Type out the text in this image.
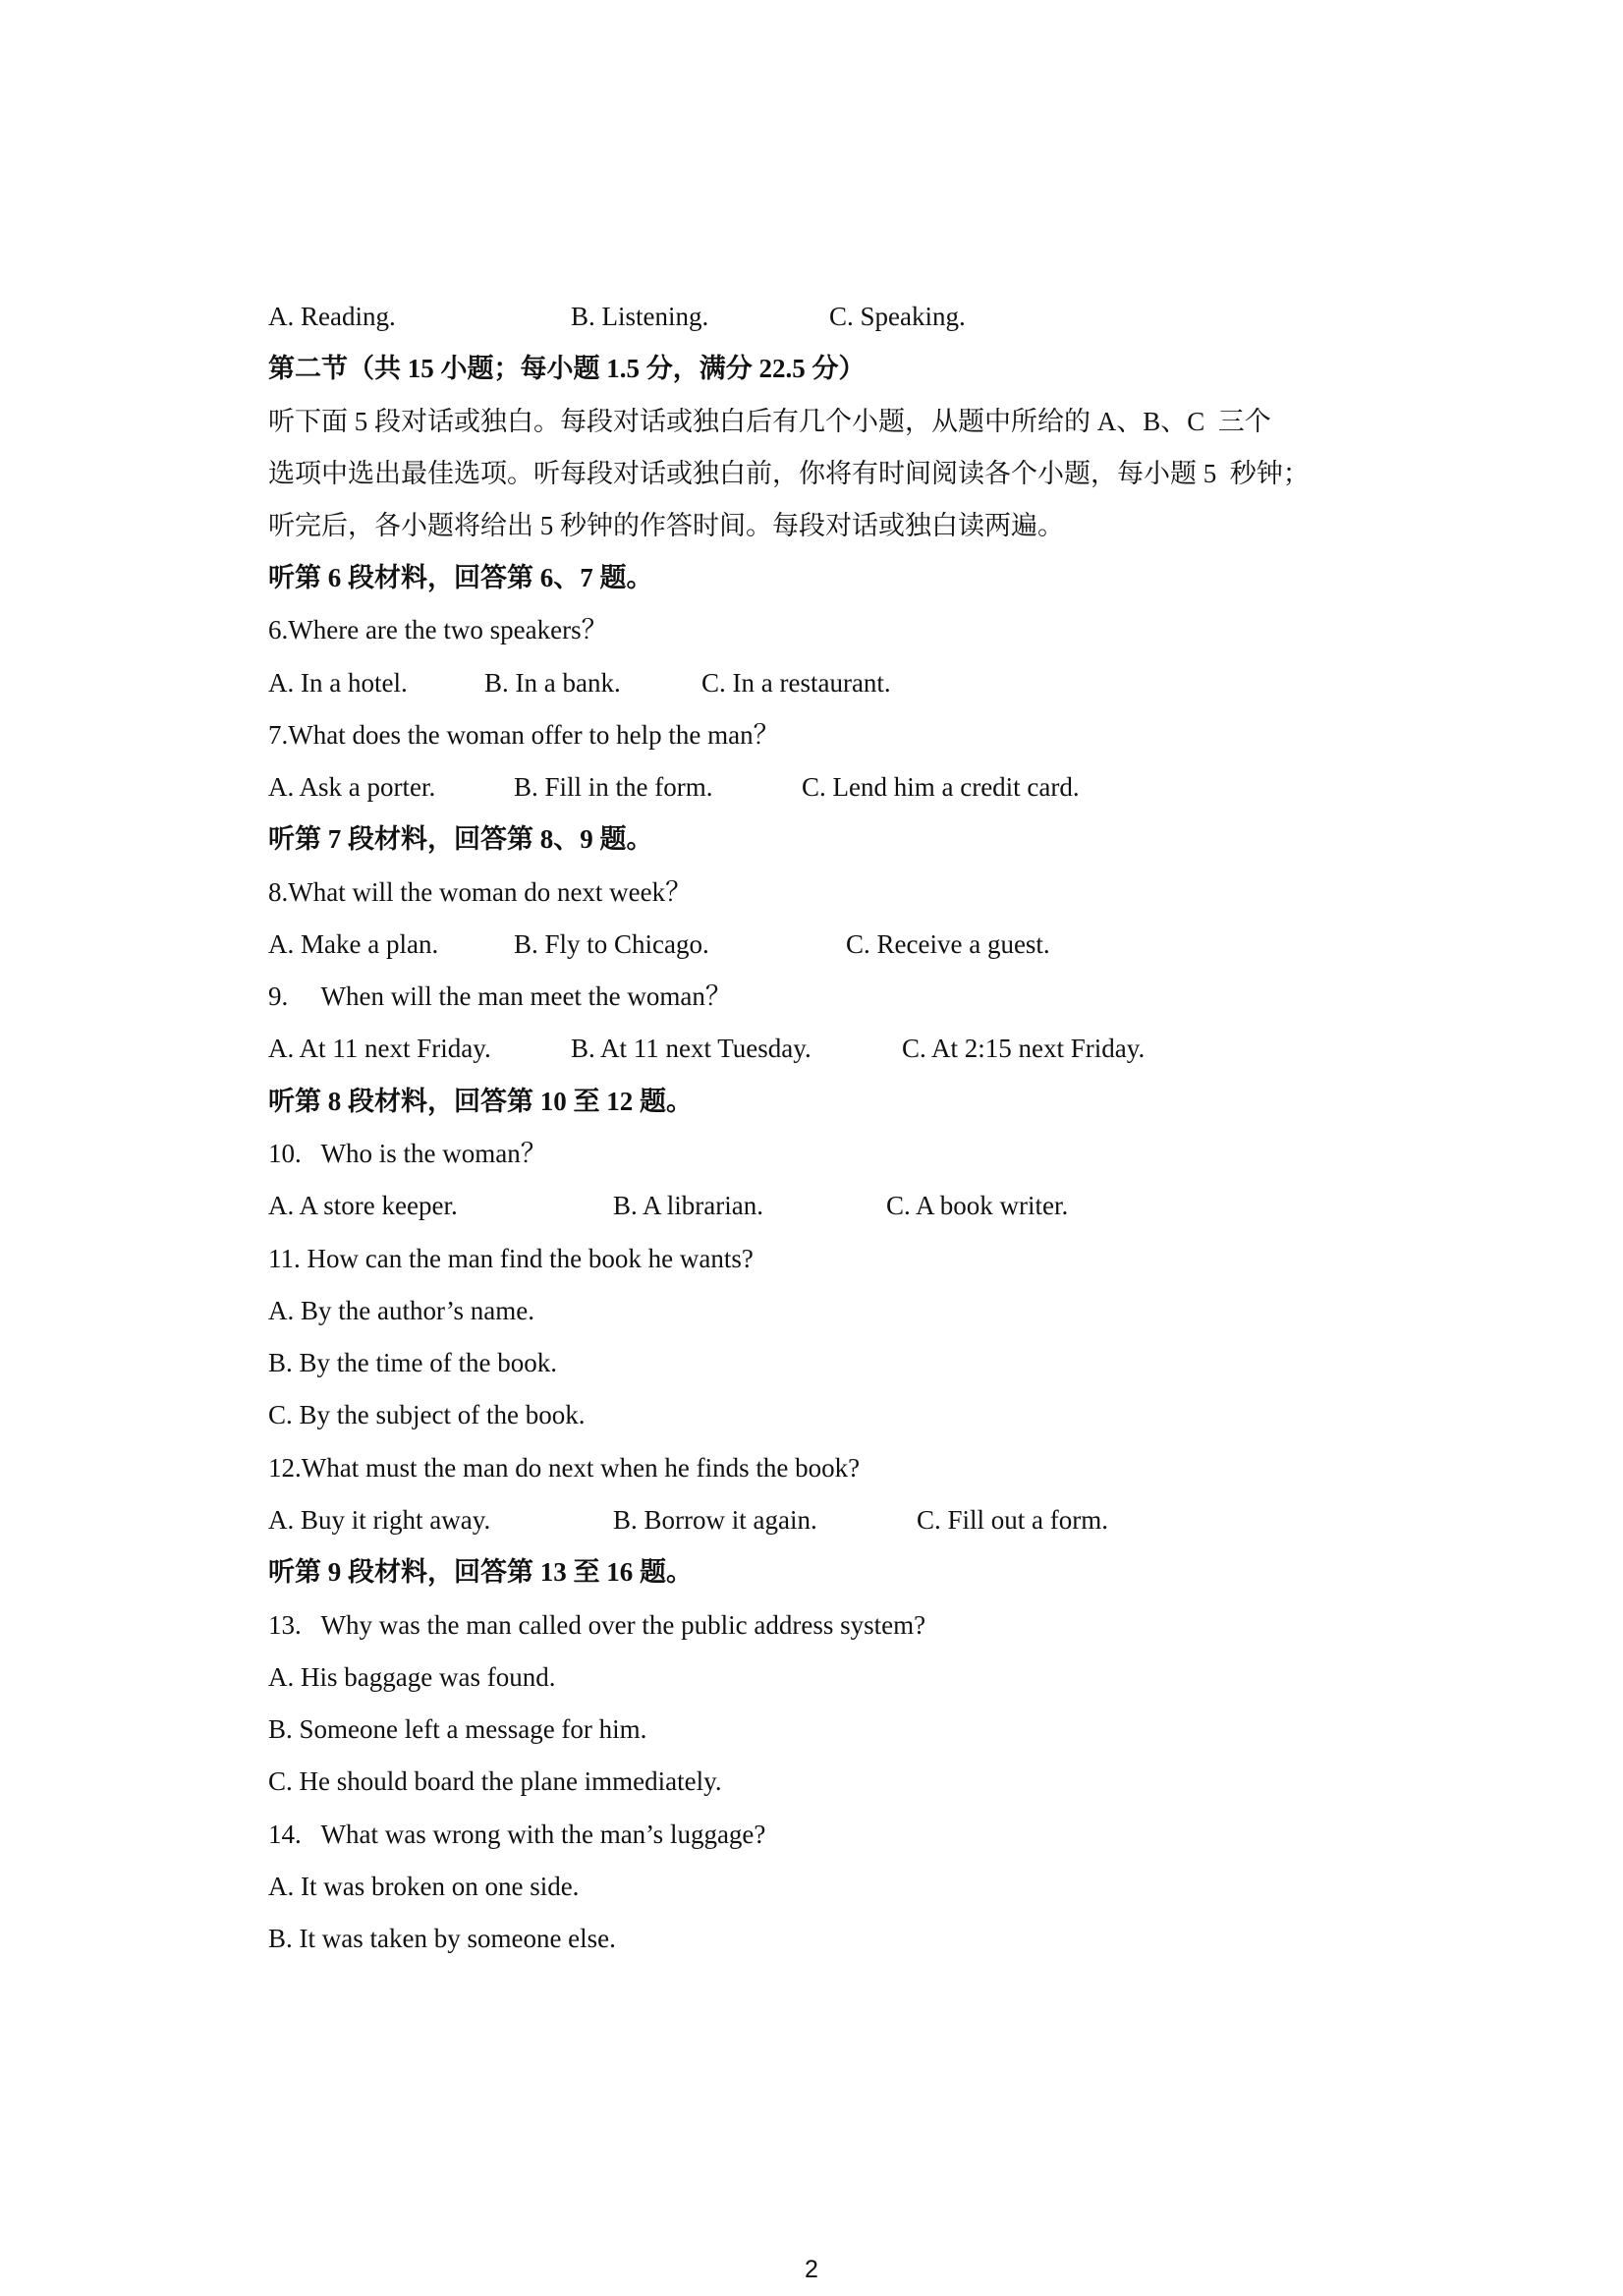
A. Reading.

	B. Listening.

	C. Speaking.

第二节（共 15 小题；每小题 1.5 分，满分 22.5 分）
听下面 5 段对话或独白。每段对话或独白后有几个小题，从题中所给的 A、B、C  三个
选项中选出最佳选项。听每段对话或独白前，你将有时间阅读各个小题，每小题 5  秒钟；
听完后，各小题将给出 5 秒钟的作答时间。每段对话或独白读两遍。
听第 6 段材料，回答第 6、7 题。
6.Where are the two speakers？

A. In a hotel.

	B. In a bank.

	C. In a restaurant.

7.What does the woman offer to help the man？

A. Ask a porter.

	B. Fill in the form.

	C. Lend him a credit card.

听第 7 段材料，回答第 8、9 题。
8.What will the woman do next week？

A. Make a plan.

	B. Fly to Chicago.

	C. Receive a guest.

9.     When will the man meet the woman？

A. At 11 next Friday.

	B. At 11 next Tuesday.

	C. At 2:15 next Friday.

听第 8 段材料，回答第 10 至 12 题。
10.   Who is the woman？

A. A store keeper.

	B. A librarian.

	C. A book writer.

11. How can the man find the book he wants?
A. By the author’s name.
B. By the time of the book.
C. By the subject of the book.
12.What must the man do next when he finds the book?

A. Buy it right away.

	B. Borrow it again.

	C. Fill out a form.

听第 9 段材料，回答第 13 至 16 题。
13.   Why was the man called over the public address system?
A. His baggage was found.
B. Someone left a message for him.
C. He should board the plane immediately.
14.   What was wrong with the man’s luggage?
A. It was broken on one side.
B. It was taken by someone else.
2
